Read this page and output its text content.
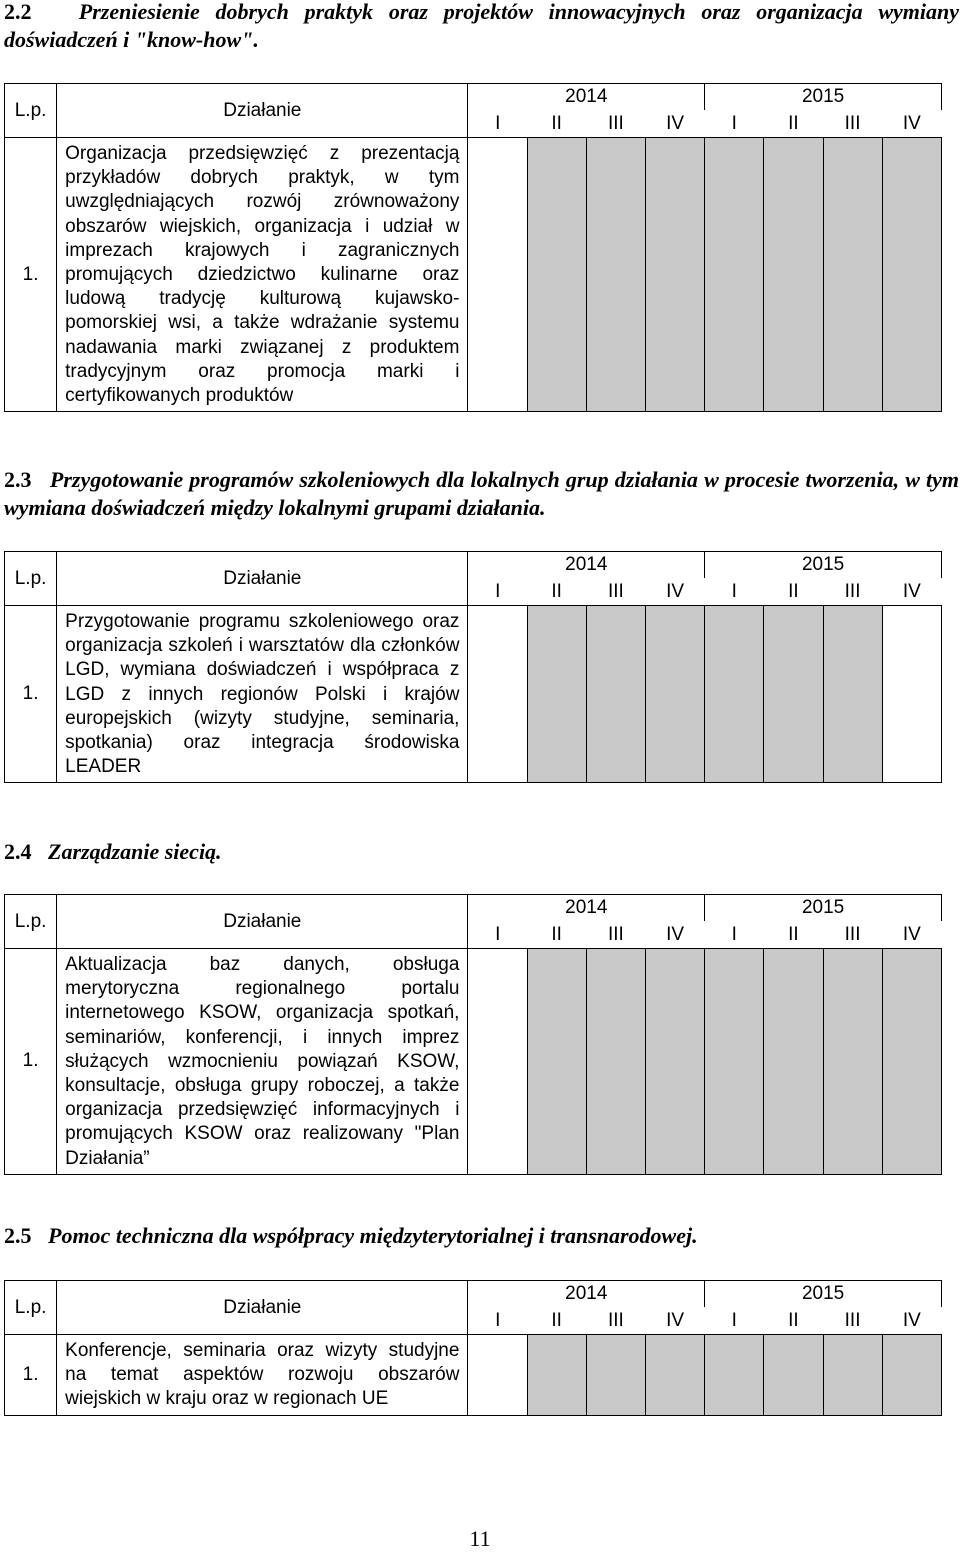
2.2 Przeniesienie dobrych praktyk oraz projektów innowacyjnych oraz organizacja wymiany doświadczeń i "know-how".
L.p.	Działanie	2014				2015			
		I	II	III	IV	I	II	III	IV
1.	Organizacja przedsięwzięć z prezentacją przykładów dobrych praktyk, w tym uwzględniających rozwój zrównoważony obszarów wiejskich, organizacja i udział w imprezach krajowych i zagranicznych promujących dziedzictwo kulinarne oraz ludową tradycję kulturową kujawsko-pomorskiej wsi, a także wdrażanie systemu nadawania marki związanej z produktem tradycyjnym oraz promocja marki i certyfikowanych produktów								
2.3 Przygotowanie programów szkoleniowych dla lokalnych grup działania w procesie tworzenia, w tym wymiana doświadczeń między lokalnymi grupami działania.
L.p.	Działanie	2014				2015			
		I	II	III	IV	I	II	III	IV
1.	Przygotowanie programu szkoleniowego oraz organizacja szkoleń i warsztatów dla członków LGD, wymiana doświadczeń i współpraca z LGD z innych regionów Polski i krajów europejskich (wizyty studyjne, seminaria, spotkania) oraz integracja środowiska LEADER								
2.4 Zarządzanie siecią.
L.p.	Działanie	2014				2015			
		I	II	III	IV	I	II	III	IV
1.	Aktualizacja baz danych, obsługa merytoryczna regionalnego portalu internetowego KSOW, organizacja spotkań, seminariów, konferencji, i innych imprez służących wzmocnieniu powiązań KSOW, konsultacje, obsługa grupy roboczej, a także organizacja przedsięwzięć informacyjnych i promujących KSOW oraz realizowany "Plan Działania”								
2.5 Pomoc techniczna dla współpracy międzyterytorialnej i transnarodowej.
L.p.	Działanie	2014				2015			
		I	II	III	IV	I	II	III	IV
1.	Konferencje, seminaria oraz wizyty studyjne na temat aspektów rozwoju obszarów wiejskich w kraju oraz w regionach UE								
11
